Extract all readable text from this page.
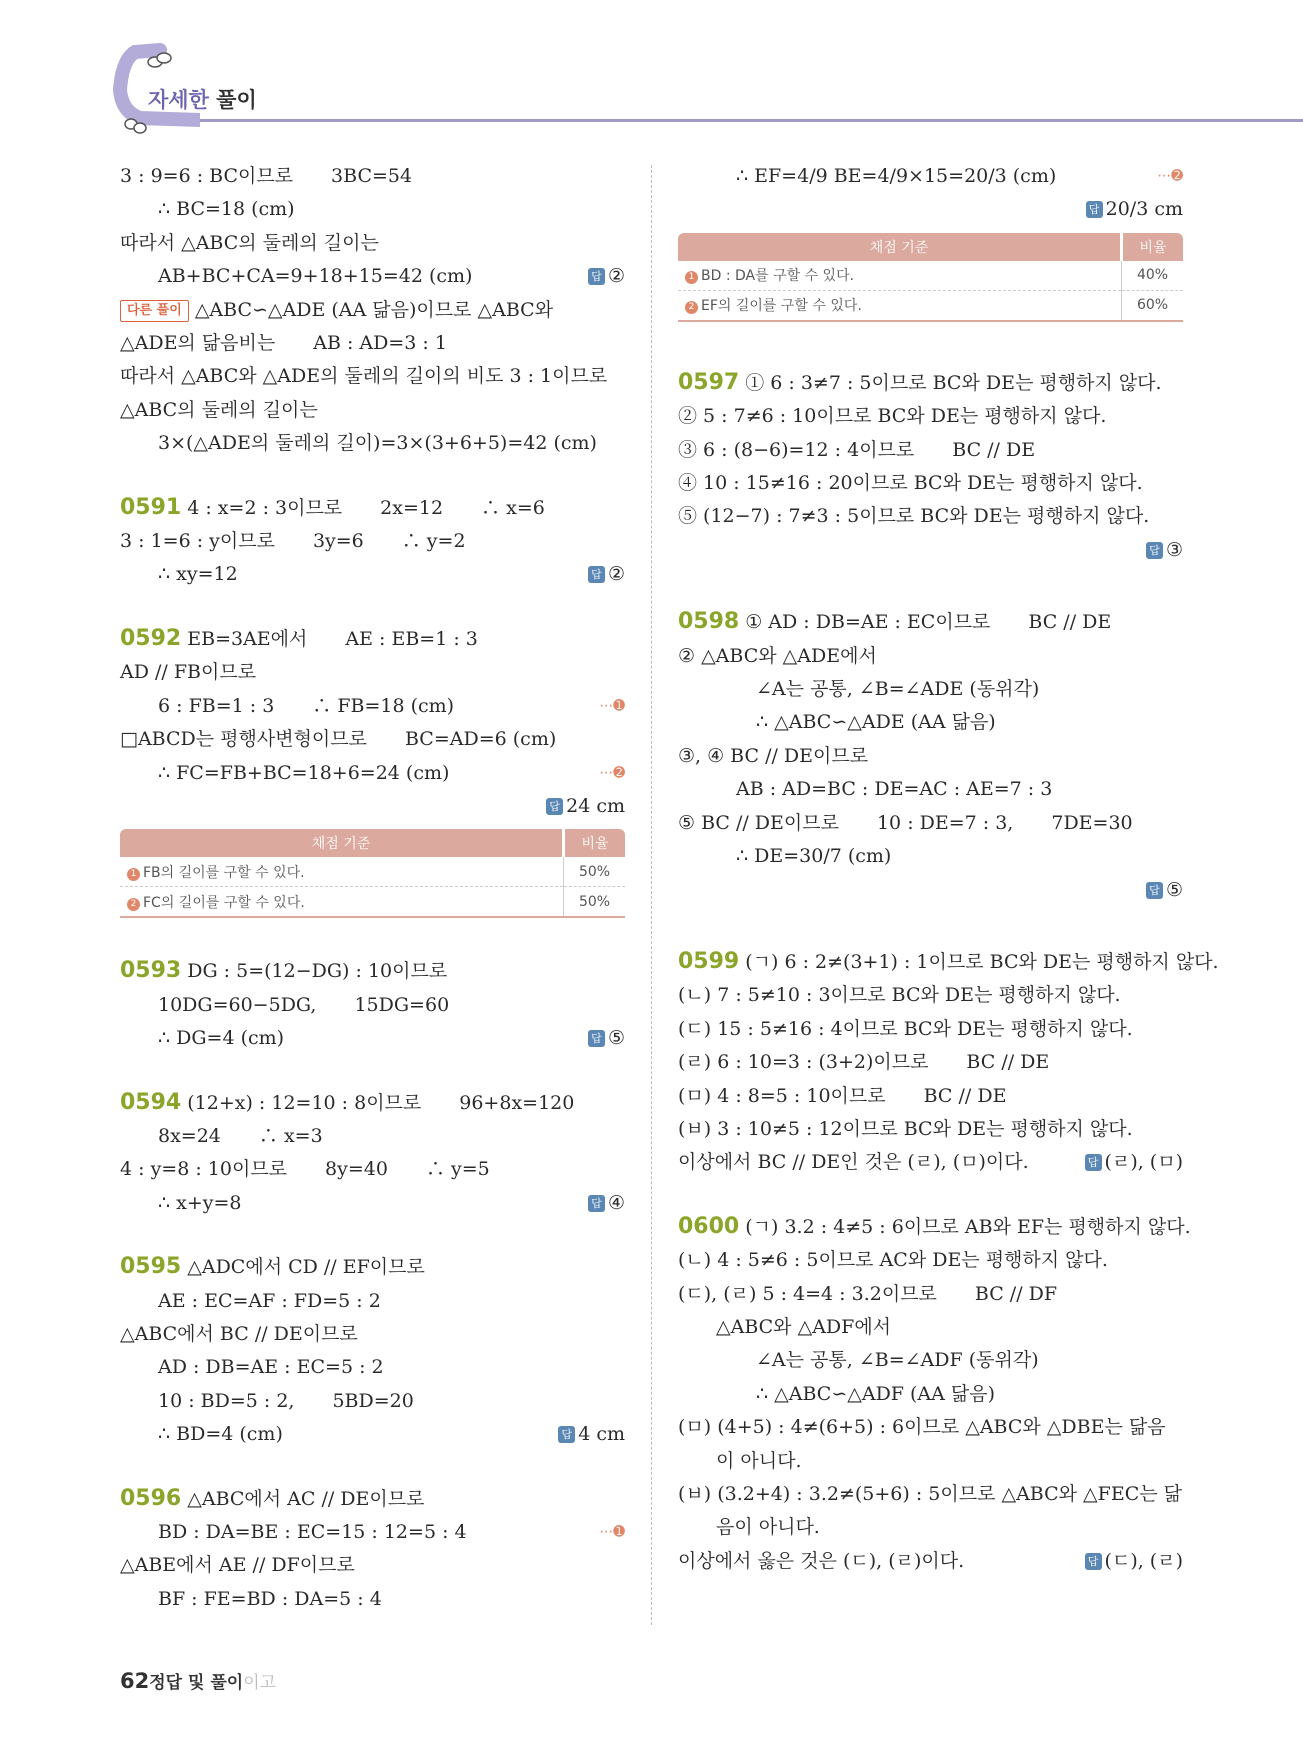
자세한 풀이
3 : 9=6 : BC이므로　　3BC=54
∴ BC=18 (cm)
따라서 △ABC의 둘레의 길이는
AB+BC+CA=9+18+15=42 (cm)	답 ②
다른 풀이 △ABC∽△ADE (AA 닮음)이므로 △ABC와
△ADE의 닮음비는　　AB : AD=3 : 1
따라서 △ABC와 △ADE의 둘레의 길이의 비도 3 : 1이므로
△ABC의 둘레의 길이는
3×(△ADE의 둘레의 길이)=3×(3+6+5)=42 (cm)
0591 4 : x=2 : 3이므로　　2x=12　　∴ x=6
3 : 1=6 : y이므로　　3y=6　　∴ y=2
∴ xy=12	답 ②
0592 EB=3AE에서　　AE : EB=1 : 3
AD // FB이므로
6 : FB=1 : 3　　∴ FB=18 (cm)	⋯➊
□ABCD는 평행사변형이므로　　BC=AD=6 (cm)
∴ FC=FB+BC=18+6=24 (cm)	⋯➋
답 24 cm
채점 기준	비율
1 FB의 길이를 구할 수 있다.	50%
2 FC의 길이를 구할 수 있다.	50%
0593 DG : 5=(12−DG) : 10이므로
10DG=60−5DG,　　15DG=60
∴ DG=4 (cm)	답 ⑤
0594 (12+x) : 12=10 : 8이므로　　96+8x=120
8x=24　　∴ x=3
4 : y=8 : 10이므로　　8y=40　　∴ y=5
∴ x+y=8	답 ④
0595 △ADC에서 CD // EF이므로
AE : EC=AF : FD=5 : 2
△ABC에서 BC // DE이므로
AD : DB=AE : EC=5 : 2
10 : BD=5 : 2,　　5BD=20
∴ BD=4 (cm)	답 4 cm
0596 △ABC에서 AC // DE이므로
BD : DA=BE : EC=15 : 12=5 : 4	⋯➊
△ABE에서 AE // DF이므로
BF : FE=BD : DA=5 : 4
∴ EF=4/9 BE=4/9×15=20/3 (cm)	⋯➋
답 20/3 cm
채점 기준	비율
1 BD : DA를 구할 수 있다.	40%
2 EF의 길이를 구할 수 있다.	60%
0597 ① 6 : 3≠7 : 5이므로 BC와 DE는 평행하지 않다.
② 5 : 7≠6 : 10이므로 BC와 DE는 평행하지 않다.
③ 6 : (8−6)=12 : 4이므로　　BC // DE
④ 10 : 15≠16 : 20이므로 BC와 DE는 평행하지 않다.
⑤ (12−7) : 7≠3 : 5이므로 BC와 DE는 평행하지 않다.
답 ③
0598 ① AD : DB=AE : EC이므로　　BC // DE
② △ABC와 △ADE에서
∠A는 공통, ∠B=∠ADE (동위각)
∴ △ABC∽△ADE (AA 닮음)
③, ④ BC // DE이므로
AB : AD=BC : DE=AC : AE=7 : 3
⑤ BC // DE이므로　　10 : DE=7 : 3,　　7DE=30
∴ DE=30/7 (cm)
답 ⑤
0599 (ㄱ) 6 : 2≠(3+1) : 1이므로 BC와 DE는 평행하지 않다.
(ㄴ) 7 : 5≠10 : 3이므로 BC와 DE는 평행하지 않다.
(ㄷ) 15 : 5≠16 : 4이므로 BC와 DE는 평행하지 않다.
(ㄹ) 6 : 10=3 : (3+2)이므로　　BC // DE
(ㅁ) 4 : 8=5 : 10이므로　　BC // DE
(ㅂ) 3 : 10≠5 : 12이므로 BC와 DE는 평행하지 않다.
이상에서 BC // DE인 것은 (ㄹ), (ㅁ)이다.	답 (ㄹ), (ㅁ)
0600 (ㄱ) 3.2 : 4≠5 : 6이므로 AB와 EF는 평행하지 않다.
(ㄴ) 4 : 5≠6 : 5이므로 AC와 DE는 평행하지 않다.
(ㄷ), (ㄹ) 5 : 4=4 : 3.2이므로　　BC // DF
△ABC와 △ADF에서
∠A는 공통, ∠B=∠ADF (동위각)
∴ △ABC∽△ADF (AA 닮음)
(ㅁ) (4+5) : 4≠(6+5) : 6이므로 △ABC와 △DBE는 닮음
이 아니다.
(ㅂ) (3.2+4) : 3.2≠(5+6) : 5이므로 △ABC와 △FEC는 닮
음이 아니다.
이상에서 옳은 것은 (ㄷ), (ㄹ)이다.	답 (ㄷ), (ㄹ)
62정답 및 풀이이고
